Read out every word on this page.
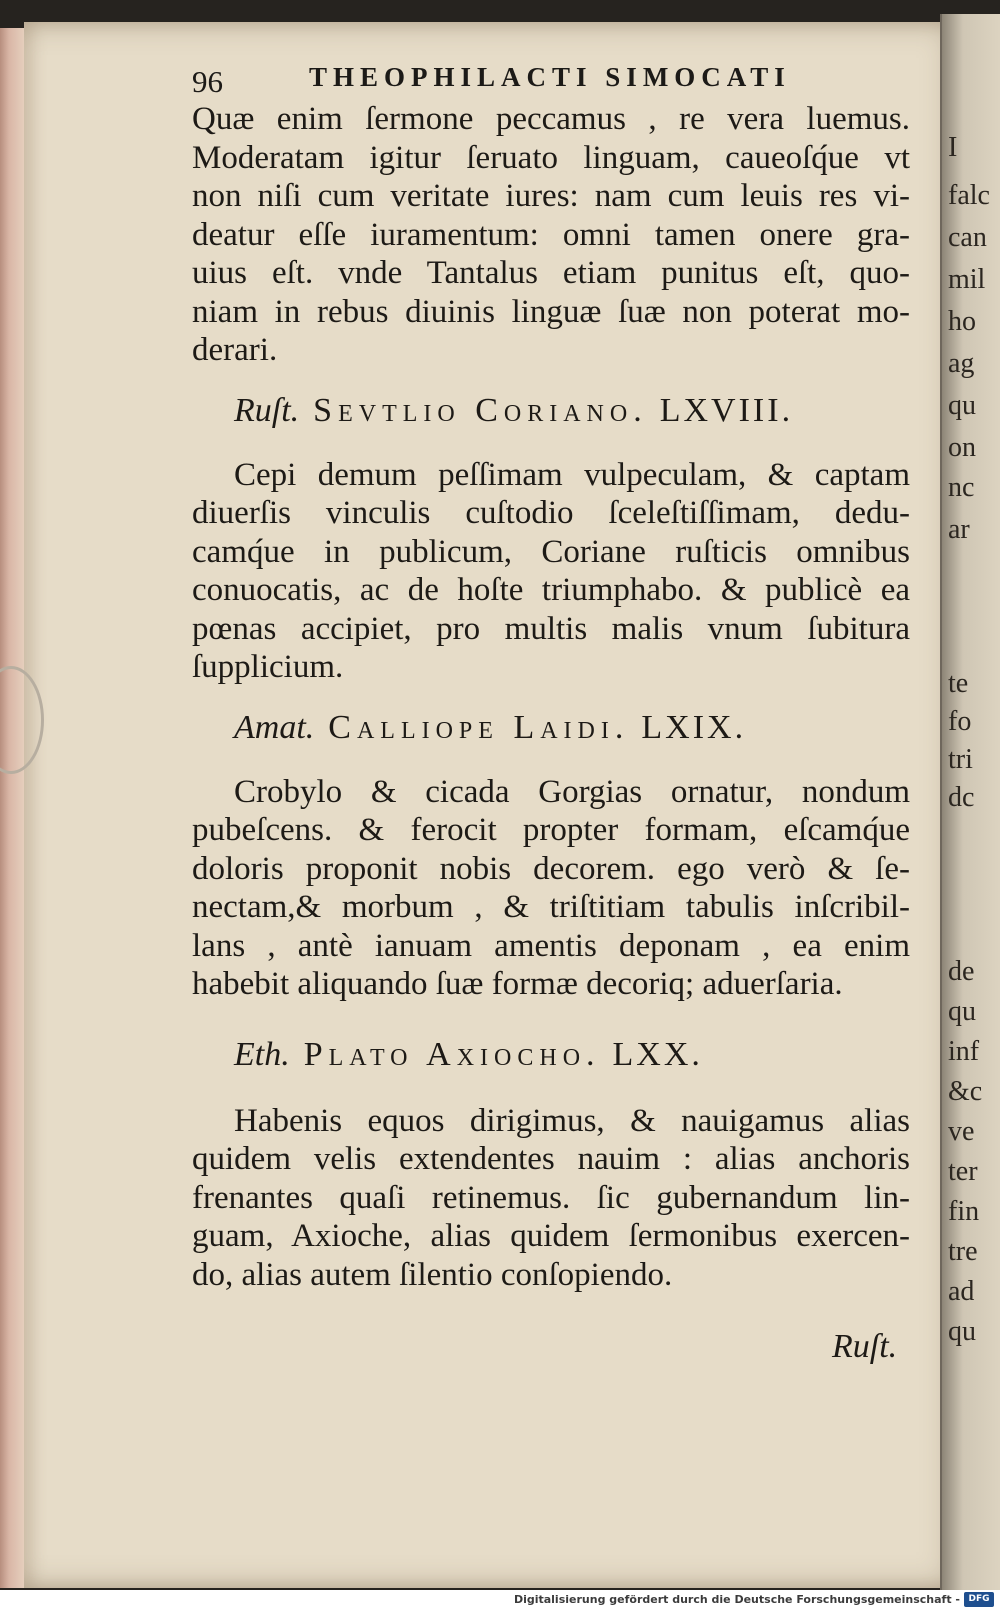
I
falc
can
mil
ho
ag
qu
on
nc
ar
te
fo
tri
dc
de
qu
inf
&c
ve
ter
fin
tre
ad
qu
96	THEOPHILACTI SIMOCATI
Quæ enim ſermone peccamus , re vera luemus.
Moderatam igitur ſeruato linguam, caueoſq́ue vt
non niſi cum veritate iures: nam cum leuis res vi-
deatur eſſe iuramentum: omni tamen onere gra-
uius eſt. vnde Tantalus etiam punitus eſt, quo-
niam in rebus diuinis linguæ ſuæ non poterat mo-
derari.
Ruſt. Sevtlio Coriano. LXVIII.
Cepi demum peſſimam vulpeculam, & captam
diuerſis vinculis cuſtodio ſceleſtiſſimam, dedu-
camq́ue in publicum, Coriane ruſticis omnibus
conuocatis, ac de hoſte triumphabo. & publicè ea
pœnas accipiet, pro multis malis vnum ſubitura
ſupplicium.
Amat. Calliope Laidi. LXIX.
Crobylo & cicada Gorgias ornatur, nondum
pubeſcens. & ferocit propter formam, eſcamq́ue
doloris proponit nobis decorem. ego verò & ſe-
nectam,& morbum , & triſtitiam tabulis inſcribil-
lans , antè ianuam amentis deponam , ea enim
habebit aliquando ſuæ formæ decoriq; aduerſaria.
Eth. Plato Axiocho. LXX.
Habenis equos dirigimus, & nauigamus alias
quidem velis extendentes nauim : alias anchoris
frenantes quaſi retinemus. ſic gubernandum lin-
guam, Axioche, alias quidem ſermonibus exercen-
do, alias autem ſilentio conſopiendo.
Ruſt.
Digitalisierung gefördert durch die Deutsche Forschungsgemeinschaft - DFG
